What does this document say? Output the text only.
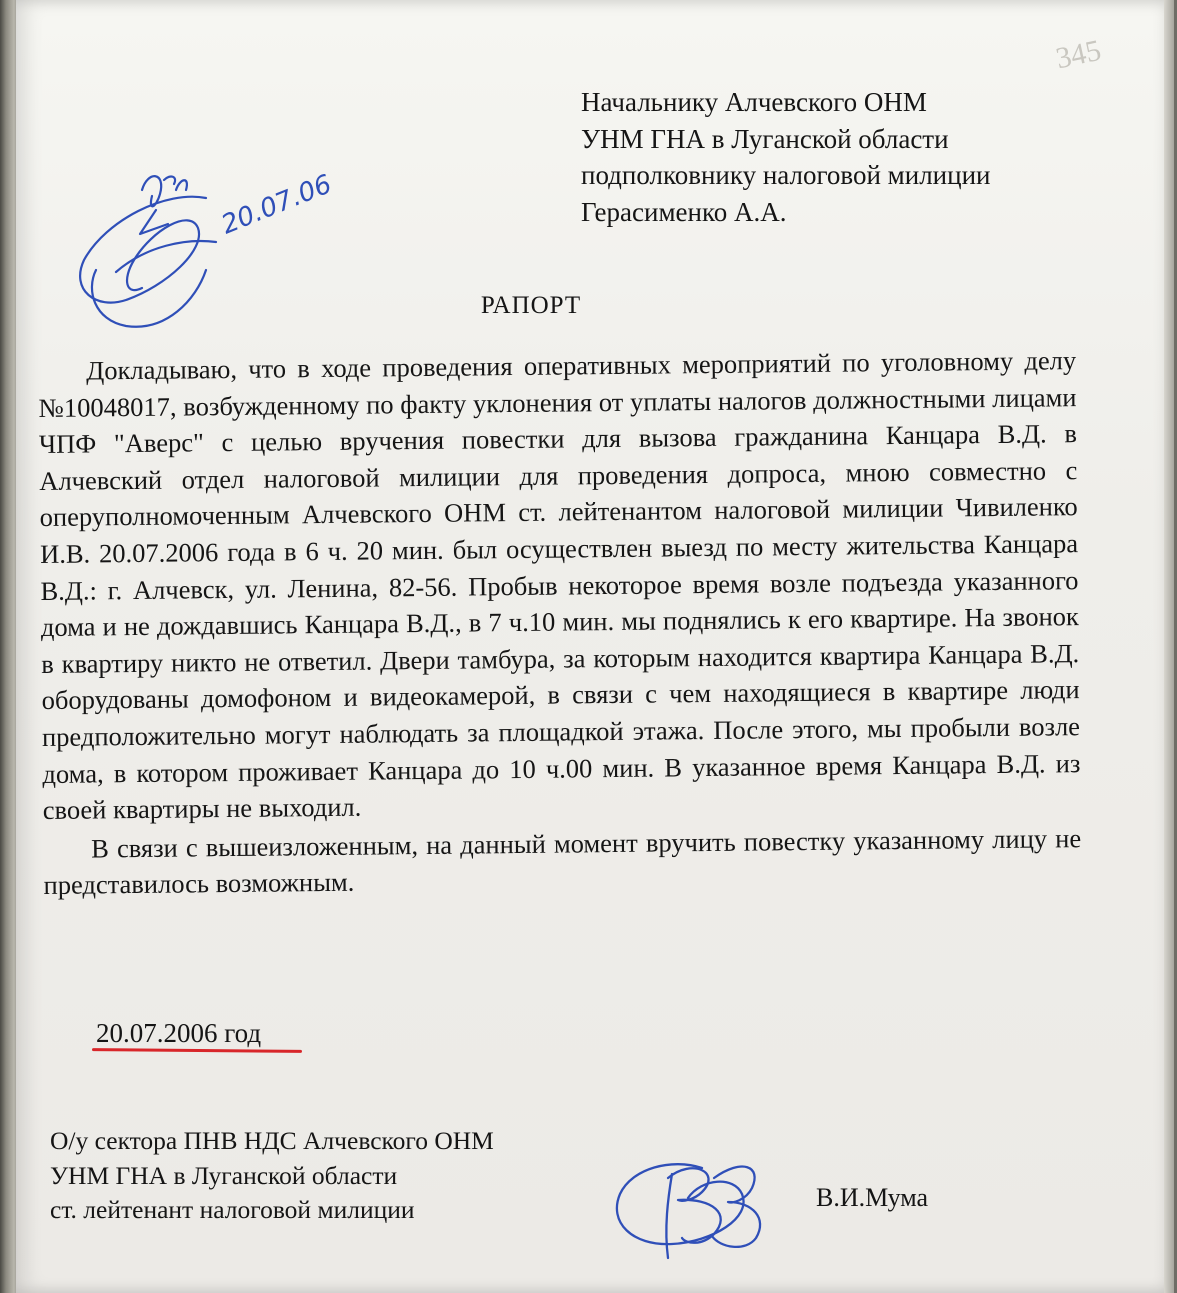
345
Начальнику Алчевского ОНМ
УНМ ГНА в Луганской области
подполковнику налоговой милиции
Герасименко А.А.
20.07.06
РАПОРТ

Докладываю, что в ходе проведения оперативных мероприятий по уголовному делу №10048017, возбужденному по факту уклонения от уплаты налогов должностными лицами ЧПФ "Аверс" с целью вручения повестки для вызова гражданина Канцара В.Д. в Алчевский отдел налоговой милиции для проведения допроса, мною совместно с оперуполномоченным Алчевского ОНМ ст. лейтенантом налоговой милиции Чивиленко И.В. 20.07.2006 года в 6 ч. 20 мин. был осуществлен выезд по месту жительства Канцара В.Д.: г. Алчевск, ул. Ленина, 82-56. Пробыв некоторое время возле подъезда указанного дома и не дождавшись Канцара В.Д., в 7 ч.10 мин. мы поднялись к его квартире. На звонок в квартиру никто не ответил. Двери тамбура, за которым находится квартира Канцара В.Д. оборудованы домофоном и видеокамерой, в связи с чем находящиеся в квартире люди предположительно могут наблюдать за площадкой этажа. После этого, мы пробыли возле дома, в котором проживает Канцара до 10 ч.00 мин. В указанное время Канцара В.Д. из своей квартиры не выходил.

В связи с вышеизложенным, на данный момент вручить повестку указанному лицу не представилось возможным.

20.07.2006 год
О/у сектора ПНВ НДС Алчевского ОНМ
УНМ ГНА в Луганской области
ст. лейтенант налоговой милиции	В.И.Мума
